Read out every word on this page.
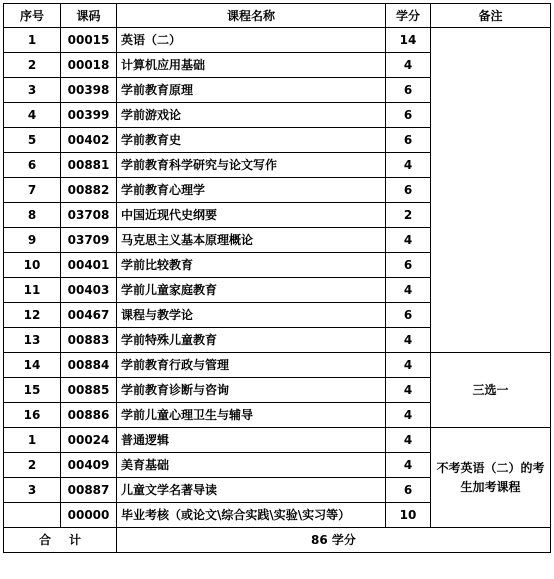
序号	课码	课程名称	学分	备注
1	00015	英语（二）	14	
2	00018	计算机应用基础	4	
3	00398	学前教育原理	6	
4	00399	学前游戏论	6	
5	00402	学前教育史	6	
6	00881	学前教育科学研究与论文写作	4	
7	00882	学前教育心理学	6	
8	03708	中国近现代史纲要	2	
9	03709	马克思主义基本原理概论	4	
10	00401	学前比较教育	6	
11	00403	学前儿童家庭教育	4	
12	00467	课程与教学论	6	
13	00883	学前特殊儿童教育	4	
14	00884	学前教育行政与管理	4	三选一
15	00885	学前教育诊断与咨询	4	
16	00886	学前儿童心理卫生与辅导	4	
1	00024	普通逻辑	4	不考英语（二）的考生加考课程
2	00409	美育基础	4	
3	00887	儿童文学名著导读	6	
	00000	毕业考核（或论文\综合实践\实验\实习等）	10	
合 计		86 学分		
